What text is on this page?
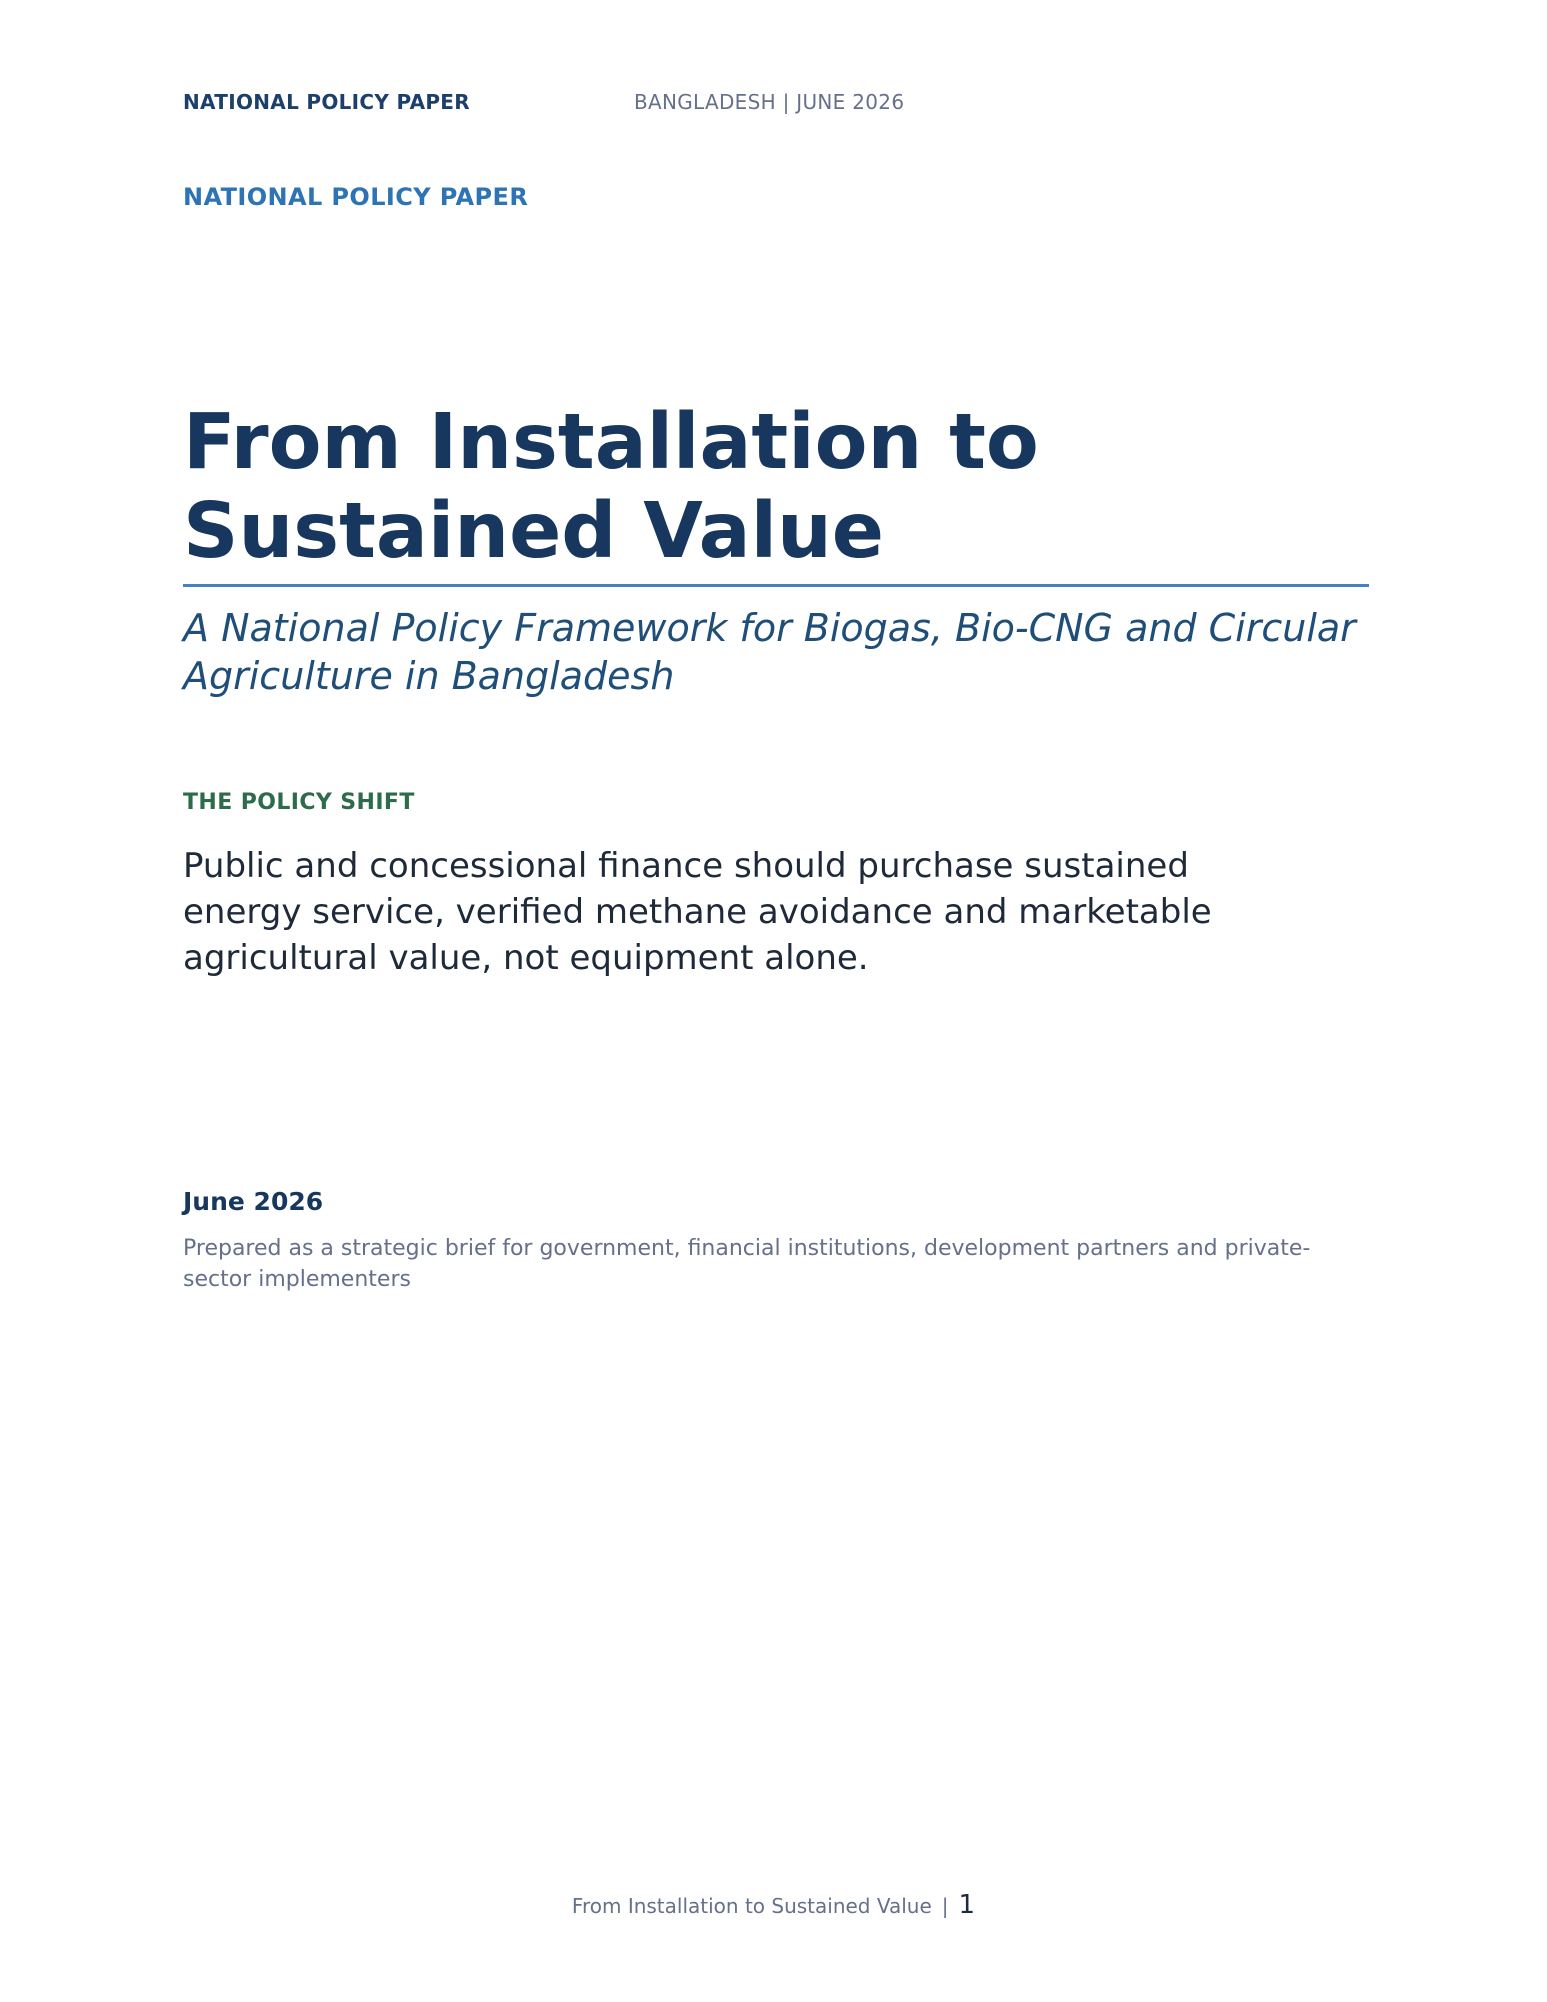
NATIONAL POLICY PAPER	BANGLADESH | JUNE 2026
NATIONAL POLICY PAPER
From Installation to
Sustained Value

A National Policy Framework for Biogas, Bio-CNG and Circular Agriculture in Bangladesh

THE POLICY SHIFT

Public and concessional finance should purchase sustained energy service, verified methane avoidance and marketable agricultural value, not equipment alone.

June 2026

Prepared as a strategic brief for government, financial institutions, development partners and private-sector implementers

From Installation to Sustained Value | 1
